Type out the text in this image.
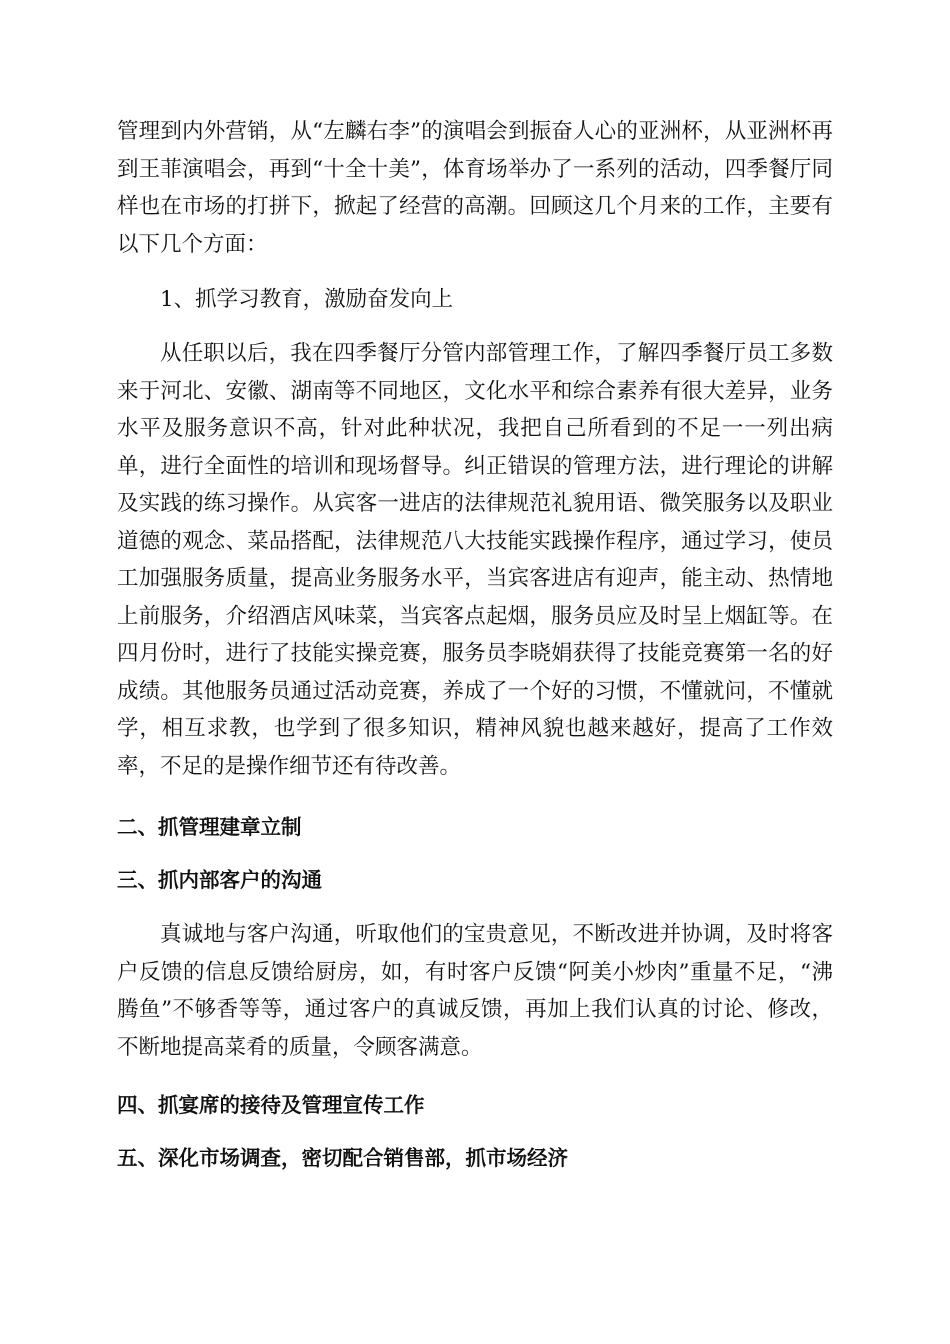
管理到内外营销，从“左麟右李”的演唱会到振奋人心的亚洲杯，从亚洲杯再到王菲演唱会，再到“十全十美”，体育场举办了一系列的活动，四季餐厅同样也在市场的打拼下，掀起了经营的高潮。回顾这几个月来的工作，主要有以下几个方面：

1、抓学习教育，激励奋发向上

从任职以后，我在四季餐厅分管内部管理工作，了解四季餐厅员工多数来于河北、安徽、湖南等不同地区，文化水平和综合素养有很大差异，业务水平及服务意识不高，针对此种状况，我把自己所看到的不足一一列出病单，进行全面性的培训和现场督导。纠正错误的管理方法，进行理论的讲解及实践的练习操作。从宾客一进店的法律规范礼貌用语、微笑服务以及职业道德的观念、菜品搭配，法律规范八大技能实践操作程序，通过学习，使员工加强服务质量，提高业务服务水平，当宾客进店有迎声，能主动、热情地上前服务，介绍酒店风味菜，当宾客点起烟，服务员应及时呈上烟缸等。在四月份时，进行了技能实操竞赛，服务员李晓娟获得了技能竞赛第一名的好成绩。其他服务员通过活动竞赛，养成了一个好的习惯，不懂就问，不懂就学，相互求教，也学到了很多知识，精神风貌也越来越好，提高了工作效率，不足的是操作细节还有待改善。

二、抓管理建章立制

三、抓内部客户的沟通

真诚地与客户沟通，听取他们的宝贵意见，不断改进并协调，及时将客户反馈的信息反馈给厨房，如，有时客户反馈“阿美小炒肉”重量不足，“沸腾鱼”不够香等等，通过客户的真诚反馈，再加上我们认真的讨论、修改，不断地提高菜肴的质量，令顾客满意。

四、抓宴席的接待及管理宣传工作

五、深化市场调查，密切配合销售部，抓市场经济
